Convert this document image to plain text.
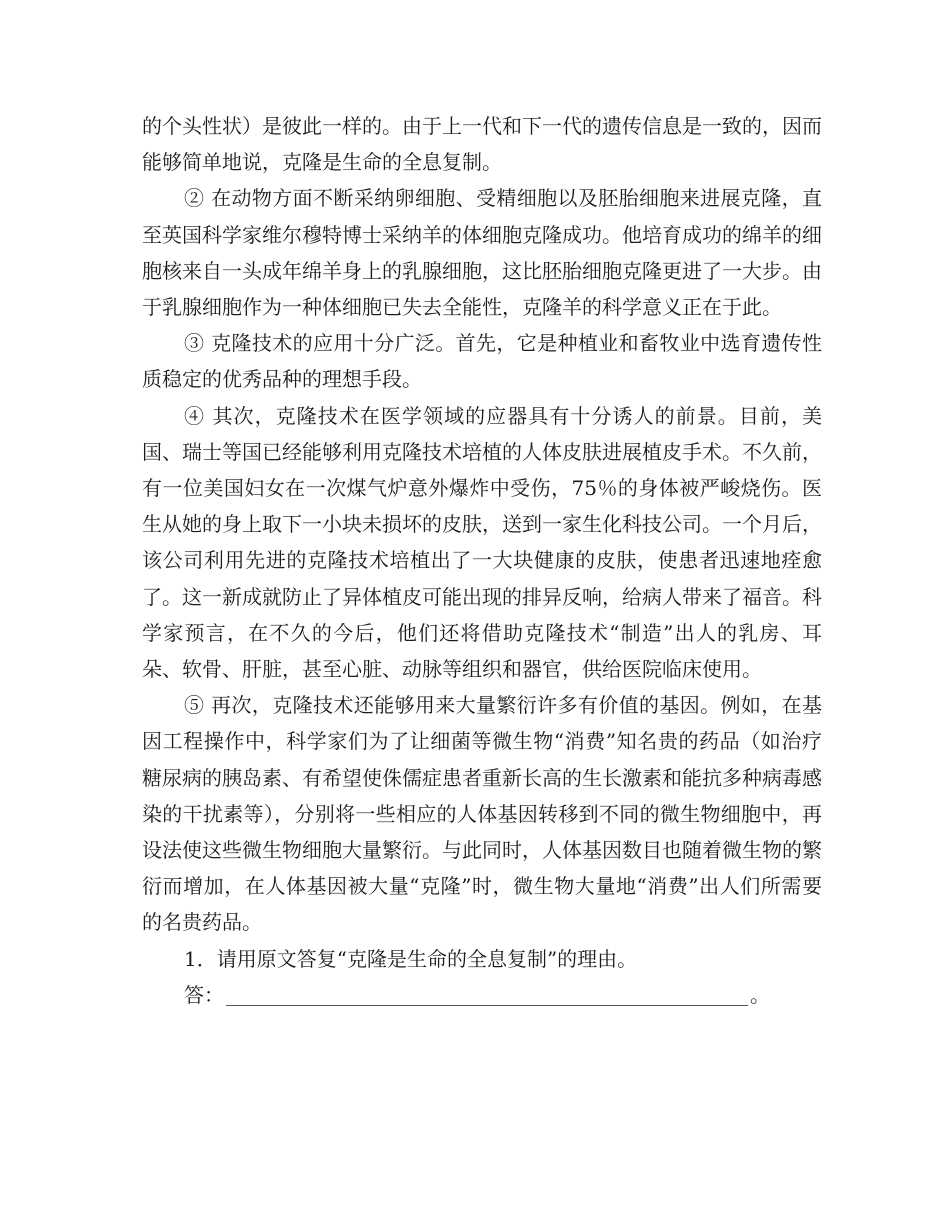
的个头性状）是彼此一样的。由于上一代和下一代的遗传信息是一致的，因而能够简单地说，克隆是生命的全息复制。

② 在动物方面不断采纳卵细胞、受精细胞以及胚胎细胞来进展克隆，直至英国科学家维尔穆特博士采纳羊的体细胞克隆成功。他培育成功的绵羊的细胞核来自一头成年绵羊身上的乳腺细胞，这比胚胎细胞克隆更进了一大步。由于乳腺细胞作为一种体细胞已失去全能性，克隆羊的科学意义正在于此。

③ 克隆技术的应用十分广泛。首先，它是种植业和畜牧业中选育遗传性质稳定的优秀品种的理想手段。

④ 其次，克隆技术在医学领域的应器具有十分诱人的前景。目前，美国、瑞士等国已经能够利用克隆技术培植的人体皮肤进展植皮手术。不久前，有一位美国妇女在一次煤气炉意外爆炸中受伤，75％的身体被严峻烧伤。医生从她的身上取下一小块未损坏的皮肤，送到一家生化科技公司。一个月后，该公司利用先进的克隆技术培植出了一大块健康的皮肤，使患者迅速地痊愈了。这一新成就防止了异体植皮可能出现的排异反响，给病人带来了福音。科学家预言，在不久的今后，他们还将借助克隆技术“制造”出人的乳房、耳朵、软骨、肝脏，甚至心脏、动脉等组织和器官，供给医院临床使用。

⑤ 再次，克隆技术还能够用来大量繁衍许多有价值的基因。例如，在基因工程操作中，科学家们为了让细菌等微生物“消费”知名贵的药品（如治疗糖尿病的胰岛素、有希望使侏儒症患者重新长高的生长激素和能抗多种病毒感染的干扰素等），分别将一些相应的人体基因转移到不同的微生物细胞中，再设法使这些微生物细胞大量繁衍。与此同时，人体基因数目也随着微生物的繁衍而增加，在人体基因被大量“克隆”时，微生物大量地“消费”出人们所需要的名贵药品。

1．请用原文答复“克隆是生命的全息复制”的理由。

答：	。
